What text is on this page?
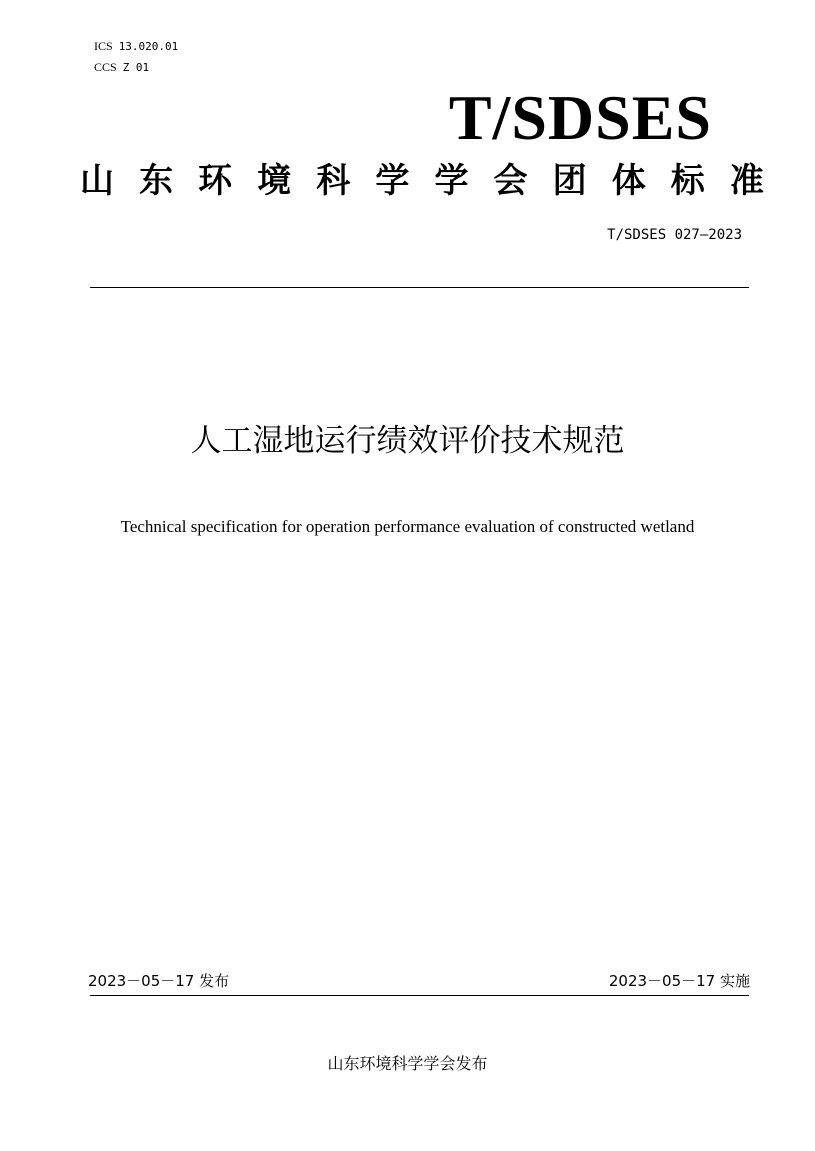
ICS 13.020.01
CCS Z 01
T/SDSES
山 东 环 境 科 学 学 会 团 体 标 准
T/SDSES 027—2023
人工湿地运行绩效评价技术规范
Technical specification for operation performance evaluation of constructed wetland
2023－05－17 发布	2023－05－17 实施
山东环境科学学会发布
